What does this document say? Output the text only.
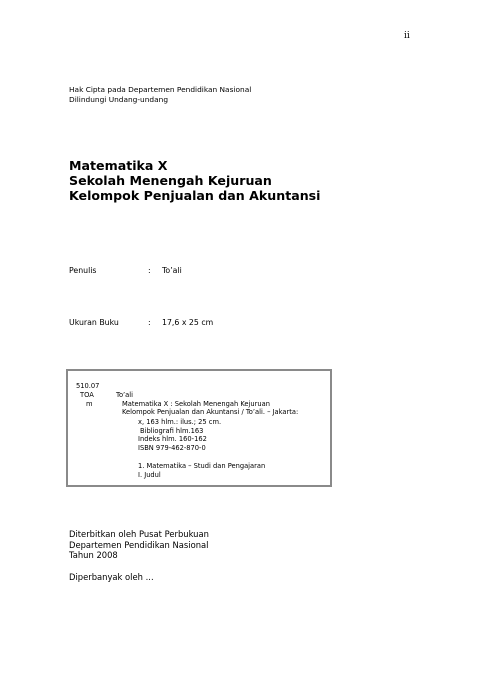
ii
Hak Cipta pada Departemen Pendidikan Nasional
Dilindungi Undang-undang
Matematika X
Sekolah Menengah Kejuruan
Kelompok Penjualan dan Akuntansi
Penulis	: To’ali
Ukuran Buku	: 17,6 x 25 cm
510.07
TOA	To’ali
m	Matematika X : Sekolah Menengah Kejuruan
Kelompok Penjualan dan Akuntansi / To’ali. – Jakarta:
x, 163 hlm.: ilus.; 25 cm.
Bibliografi hlm.163
Indeks hlm. 160-162
ISBN 979-462-870-0
1. Matematika – Studi dan Pengajaran
I. Judul
Diterbitkan oleh Pusat Perbukuan
Departemen Pendidikan Nasional
Tahun 2008
Diperbanyak oleh ...
